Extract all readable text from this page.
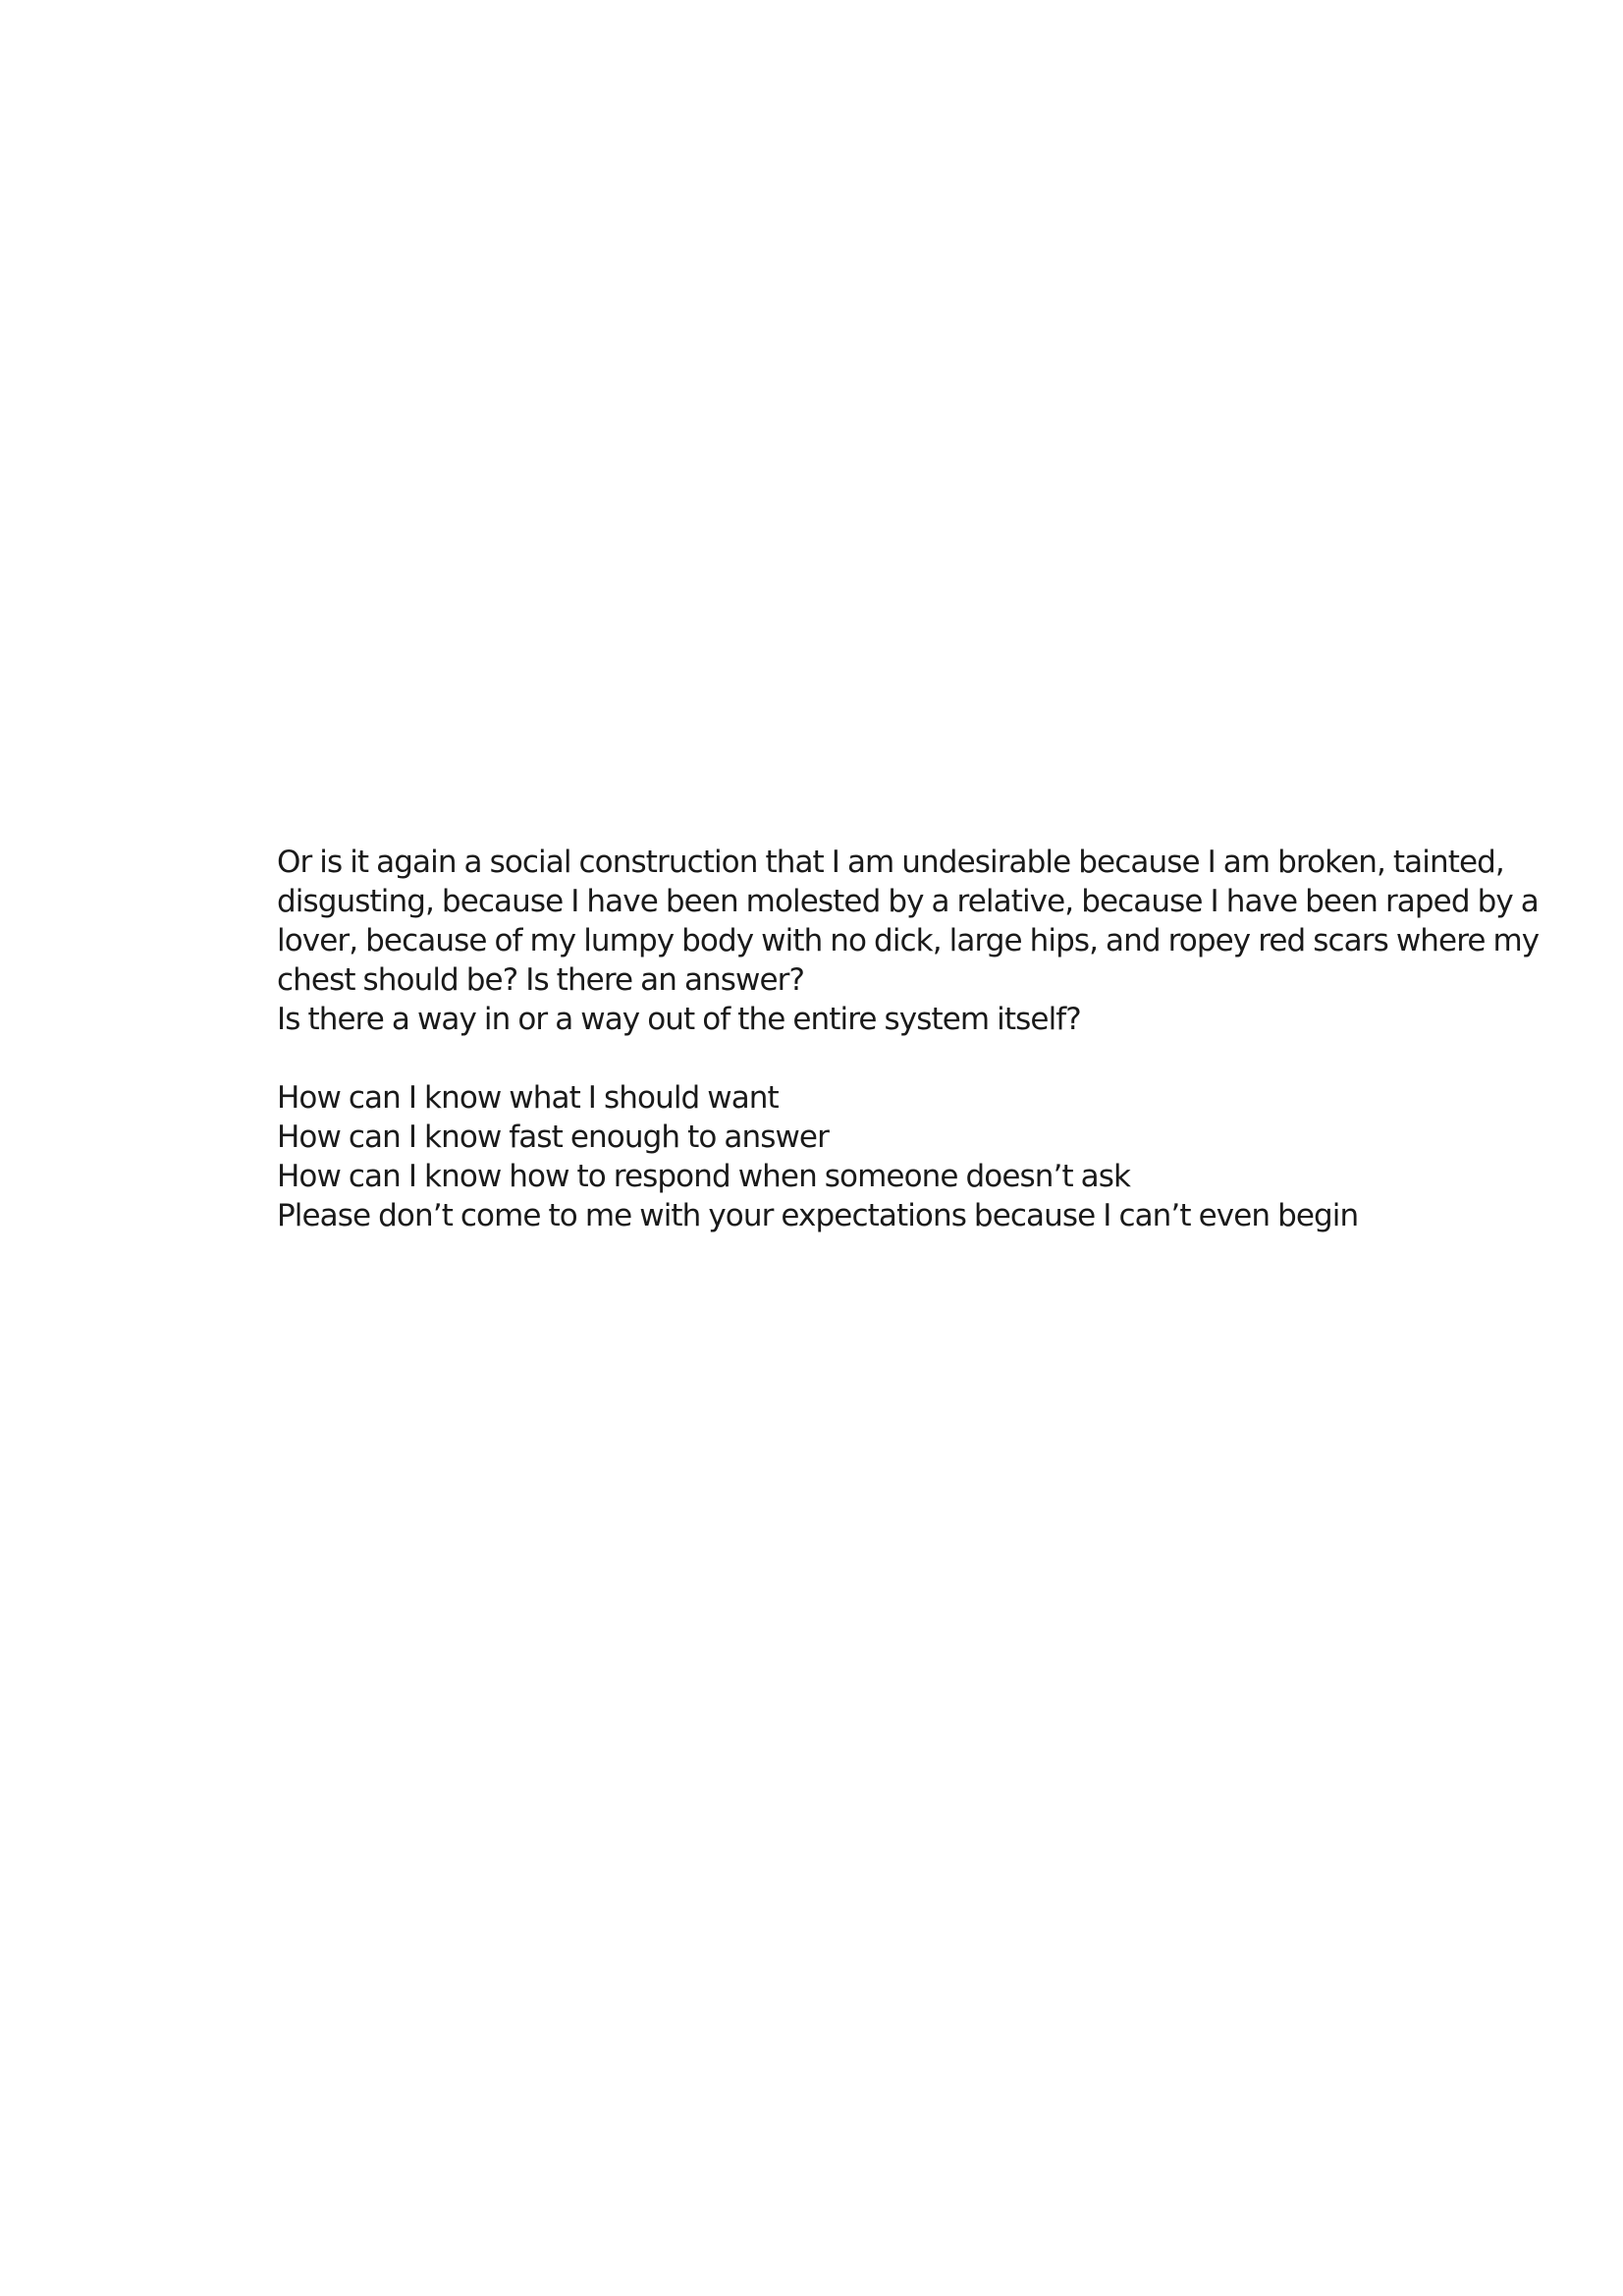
Or is it again a social construction that I am undesirable because I am broken, tainted,
disgusting, because I have been molested by a relative, because I have been raped by a
lover, because of my lumpy body with no dick, large hips, and ropey red scars where my
chest should be? Is there an answer?
Is there a way in or a way out of the entire system itself?
How can I know what I should want
How can I know fast enough to answer
How can I know how to respond when someone doesn’t ask
Please don’t come to me with your expectations because I can’t even begin
